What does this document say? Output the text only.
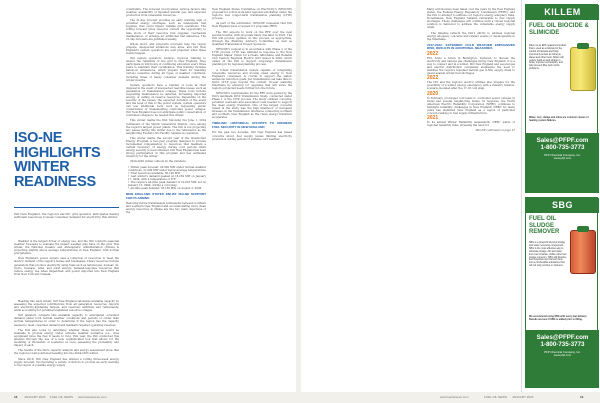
ISO-NE HIGHLIGHTS WINTER READINESS
ISO New England, the region's electric grid operator, anticipates having sufficient resources to meet consumer demand for electricity this winter.

Weather is the largest driver of energy use, and the ISO conducts seasonal weather forecasts to evaluate the impact weather may have on the grid. This winter, the National Oceanic and Atmospheric Administration (NOAA) is projecting slightly above average temperatures in New England, with normal precipitation.

New England's power system uses a collection of resources to meet the electric demand of the region's homes and businesses. These resources include generators that produce electricity using fuels such as natural gas, nuclear, oil, hydro, biomass, wind, and solar energy; demand-response resources that reduce energy use when dispatched; and power imported into New England from New York and Canada.

Heading into each winter, ISO New England calculates available capacity by assessing the expected contributions from all generation resources, imports and electricity-lightening targets, and reserves; additions and retirements; while accounting for potential unplanned resource outages.

ISO planners compare this available capacity to anticipated consumer demand under both normal weather conditions and periods of colder than normal temperatures in order to determine if the region has the capacity needed to meet consumer demand and maintain required operating reserves.

The ISO also looks to determine whether these resources would be available to provide energy under extreme weather scenarios (i.e., does equipment have the fuel it needs to run). This year, the ISO conducted this analysis through the use of a new, sophisticated tool that allows for the modeling of thousands of scenarios at once, assessing the probability and impact of each.

The results of the ISO's capacity analysis and energy assessment show that the region is well-positioned heading into the 2024-2025 winter.

Since 2018, ISO New England has utilized a rolling three-week energy supply forecast, incorporating a variety of factors to provide an early warning to the region of possible energy supply

constraints. The forecast incorporates various factors like weather, availability of liquefied natural gas, and expected production from renewable resources.

The 21-day forecast provides an early warning sign of potential energy shortages, such as inadequate fuel supplies, that could impact reliable grid operations. The rolling forecast gives resource owners the opportunity to take stock of their resource fuel supplies, reschedule maintenance, or arrange for additional fuel deliveries. The 21-day forecasts are published weekly.

Whole short- and long-term forecasts help the region prepare, unexpected situations may arise, and ISO New England's system operators are well prepared when these events happen.

ISO system operators undergo rigorous training to ensure the reliability of the grid in New England. They participate in 200 hours of continuing education every three years to maintain their certification. This training includes hands-on simulations, which prepare them for handling various scenarios during all types of weather conditions, including times of heavy consumer demand during the winter months.

System operators have a number of tools at their disposal in the event of unexpected real-time issues, such as generation or transmission outages. These tools include requesting maintenance be deferred, increasing imported energy, or calling on reserve resources. Depending on the severity of the issues, the expected duration of the event and the level of risk to the power system, system operators can use additional tools such as requesting public conservation or implementing controlled power outages. ISO New England does not anticipate public conservation or controlled outages to be needed this winter.

This winter marks the first following the June 1, 2024 retirement of the Mystic Generation Station, once among the region's largest power plants. The ISO is not projecting any issues during this winter due to the retirement, as the neighboring Everett LNG Facility remains in operation.

This winter marks the second year of the Inventoried Energy Program, a two-year program designed to provide incremental compensation to resources that maintain a certain inventory of energy during cold periods when energy security is most stressed. ISO New England has seen strong participation in this program and has estimated inventory for the winter.

2024-2025 winter outlook by the numbers:

• Winter peak forecast: 20,300 MW under normal weather conditions, 21,000 MW under below-average temperatures
• Total resources available: 30,190 MW
• Last winter's demand peaked at 18,259 MW on January 17, 2024, with a temperature of 8°F.
• The region's all-time peak demand is 22,818 MW, set on January 15, 2004, during a cold snap.
• All-time peak demand: 28,130 MW, on August 2, 2006
NEW ENGLAND STATES ENLIST ISO-NE SUPPORT FOR PLANNING

Reducing future transmission bottlenecks between northern and southern New England and accommodating more clean energy resources in Maine are the two main objectives of the

New England States Committee on Electricity's (NESCOE) proposal for a first-of-its-kind regional solicitation under the region's new longer-term transmission planning (LTTP) process.

As part of the solicitation, NESCOE requested that ISO New England issue a request for proposals (RFP).

The ISO expects to work on the RFP over the next several months, with proposals likely due later in 2025. The ISO will provide updates on this process, as appropriate, through the Planning Advisory Committee as well as Qualified Transmission Project Sponsors.

NESCOE's request is in accordance with Phase 2 of the LTTP process. LTTP was initiated in response to the New England States' Vision for a Clean, Affordable, and Reliable 21st Century Regional Electric Grid issued in 2020, which called on the ISO to support long-range transmission planning in its regional planning process.

A robust transmission system capable of integrating renewable resources and moving clean energy to New England's consumers is crucial to support the states' emissions reduction goals, but transmission can take time to build. LTTP goes beyond the current 10-year planning timeframe by allowing for upgrades that will serve the region's projected needs further into the future.

NESCOE's requirements for the RFP were guided by the ISO's landmark 2050 Transmission Study, conducted under Phase 1 of the LTTP process. The study outlined concerns, potential overloads and associated costs needed to support the clean energy transition. One of the largest concerns raised in the study was the high likelihood of increased stresses on the transmission interfaces connecting northern and southern New England as the clean energy transition accelerates.

TIMELINE: HISTORICAL EFFORTS TO ADDRESS FUEL SECURITY IN NEW ENGLAND

For the past two decades, ISO New England has raised concerns about fuel supply issues limiting electricity production during periods of extreme cold weather.

Many actions have been taken over the years by the New England states, the Federal Energy Regulatory Commission (FERC), and the ISO to attempt to address our region's energy adequacy risks. Nonetheless, New England remains vulnerable to fuel supply shortages. These challenges will continue until a robust regional solution is delivered to address the vulnerable energy supply chain.

The timeline reflects the ISO's efforts to address regional energy adequacy concerns and related events or developments in the timeframe.

2017-2022: EXTENDED COLD WEATHER EMPHASIZES RISK, RESULTS IN ADDITIONAL MEASURES
2022

ESI, hosts a forum in Burlington, Vermont, to discuss the electricity and natural gas challenges facing New England. It is a way to connect and in a winter, ISO New England and several gas and electric distribution companies emphasize the need to stabilize the region's liquefied natural gas (LNG) supply chain to guard against winter fuel shortages.

2022

The ISO and the region's electric utilities also prepare for the possibility of a winter energy emergency with a industry mission, scenario-modeled after the 17-18 cold snap.

2020

In February, prolonged cold leads to controlled power outages in Texas and several neighboring states. In response, the North American Electric Reliability Corporation (NERC) continues to highlight reliability challenges in New England. NERC for many years has identified New England as a region of particular concern relating to fuel supply infrastructure.

2021

In its annual Winter Reliability Assessment, NERC warns of regional reliability risks, stressing the need for

ISO-NE continued on page 27

KILLEM
FUEL OIL BIOCIDE & SLIMICIDE
Killem is an EPA registered product that is used as a biocide for the control of bacteria and fungi (commonly known as slime) in diesel and other fuels. Killem will reduce build-up and sludge in tanks, improve combustion, and help prevent filter and nozzle problems.
Water, rust, sludge and slime are common causes of heating system failures.
Sales@PFPF.com
1-800-735-3773
PFP Chemical Company, Inc.
www.pfpf.com
SBG
FUEL OIL SLUDGE REMOVER
SBG is a powerful blend of sludge and water removing compounds. SBG is the most effective way to eliminate sludge, dirt and water from fuel oil tanks. Unlike other fuel sludge removers, SBG will dissolve fuel impurities and convert them into a combustible substance that will not clog nozzles or strainers.
We recommend using SBG with every fuel delivery. Results are best if SBG is added prior to filling.
Sales@PFPF.com
1-800-735-3773
PFP Chemical Company, Inc.
www.pfpf.com
18 JANUARY 2025 FUEL OIL NEWS www.fueloilnews.com	www.fueloilnews.com	FUEL OIL NEWS JANUARY 2025	19
